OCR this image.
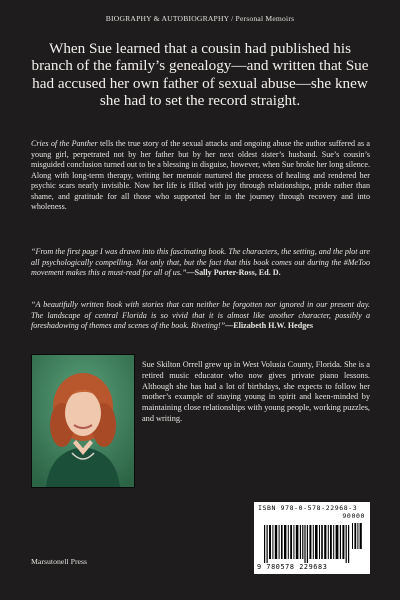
BIOGRAPHY & AUTOBIOGRAPHY / Personal Memoirs
When Sue learned that a cousin had published his branch of the family’s genealogy—and written that Sue had accused her own father of sexual abuse—she knew she had to set the record straight.
Cries of the Panther tells the true story of the sexual attacks and ongoing abuse the author suffered as a young girl, perpetrated not by her father but by her next oldest sister’s husband. Sue’s cousin’s misguided conclusion turned out to be a blessing in disguise, however, when Sue broke her long silence. Along with long-term therapy, writing her memoir nurtured the process of healing and rendered her psychic scars nearly invisible. Now her life is filled with joy through relationships, pride rather than shame, and gratitude for all those who supported her in the journey through recovery and into wholeness.
“From the first page I was drawn into this fascinating book. The characters, the setting, and the plot are all psychologically compelling. Not only that, but the fact that this book comes out during the #MeToo movement makes this a must-read for all of us.”—Sally Porter-Ross, Ed. D.
“A beautifully written book with stories that can neither be forgotten nor ignored in our present day. The landscape of central Florida is so vivid that it is almost like another character, possibly a foreshadowing of themes and scenes of the book. Riveting!”—Elizabeth H.W. Hedges
Sue Skilton Orrell grew up in West Volusia County, Florida. She is a retired music educator who now gives private piano lessons. Although she has had a lot of birthdays, she expects to follow her mother’s example of staying young in spirit and keen-minded by maintaining close relationships with young people, working puzzles, and writing.
ISBN 978-0-578-22968-3
90000
9 780578 229683
Marsutonell Press
